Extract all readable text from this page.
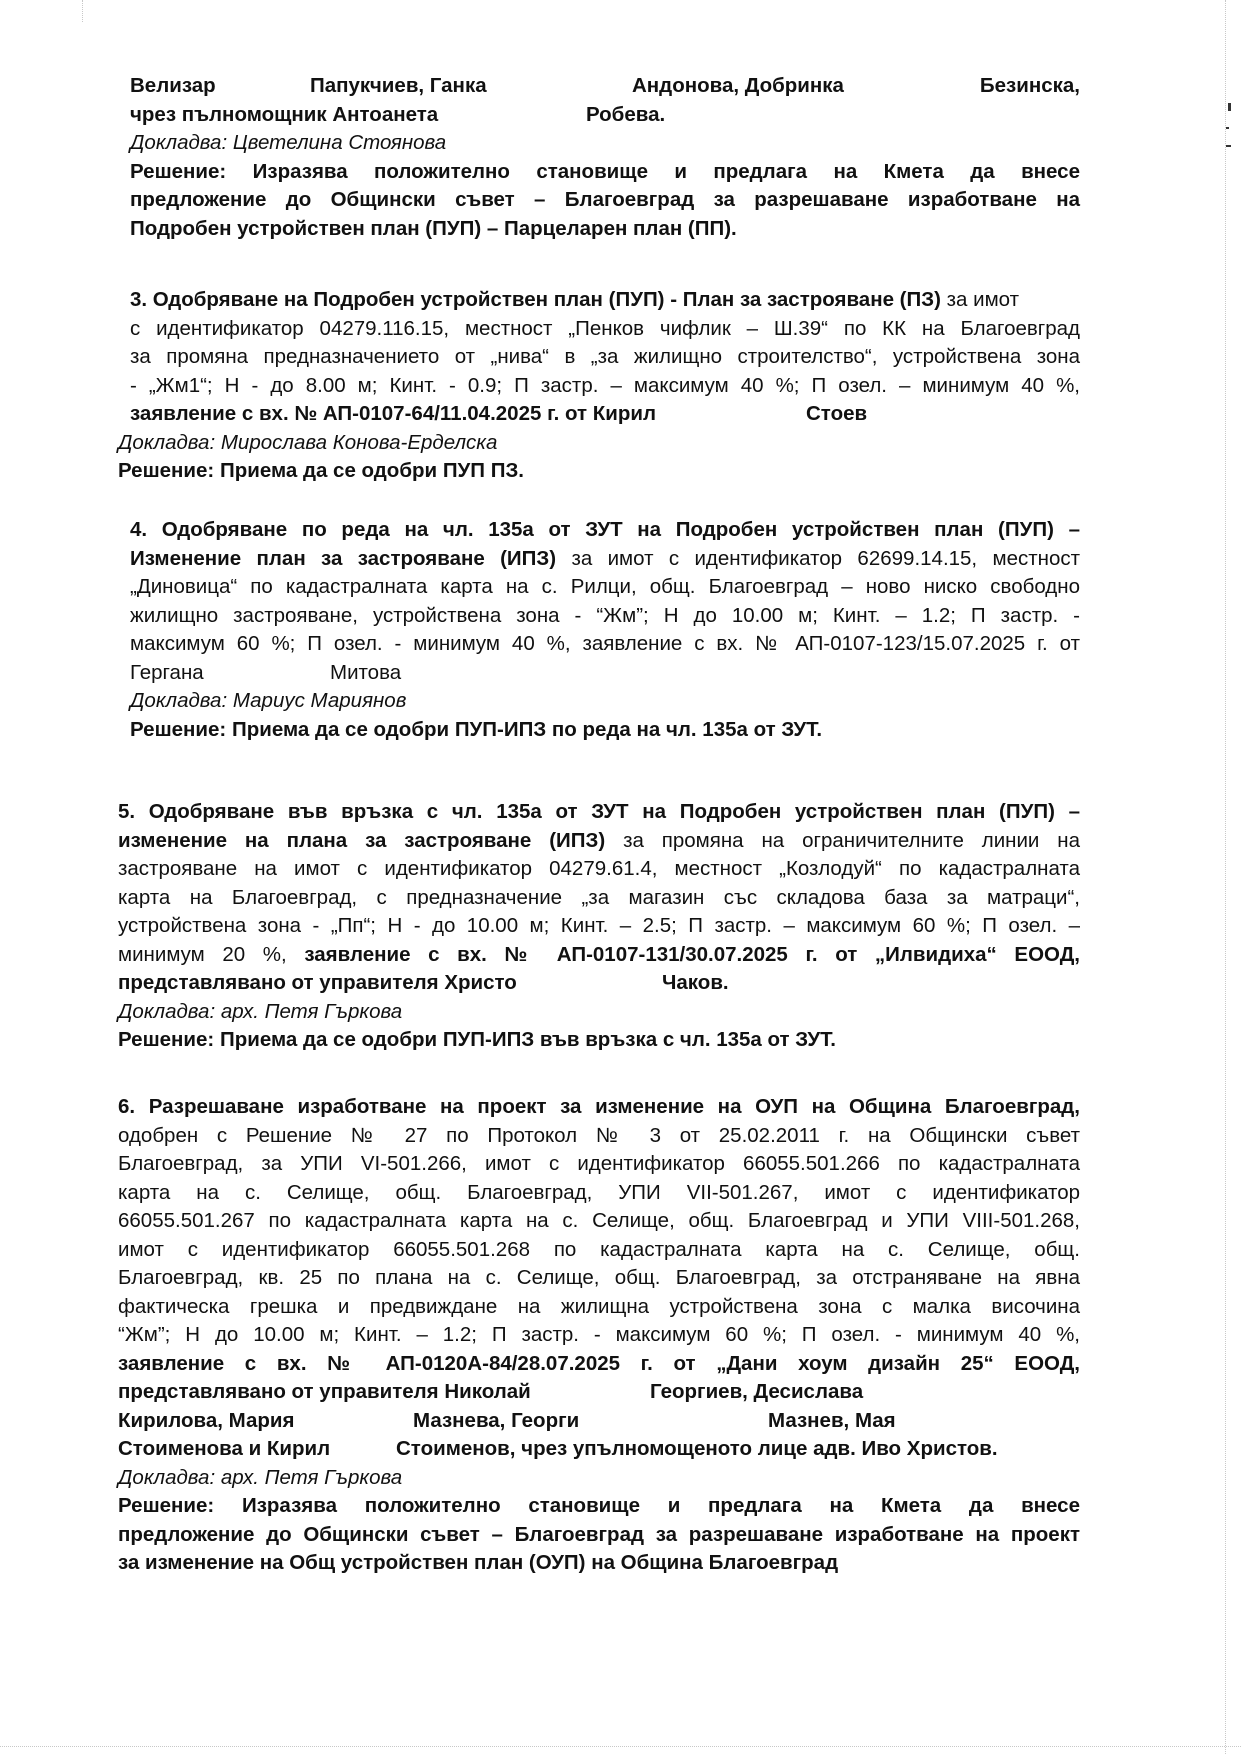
Велизар	Папукчиев, Ганка	Андонова, Добринка	Безинска,
чрез пълномощник Антоанета	Робева.
Докладва: Цветелина Стоянова
Решение: Изразява положително становище и предлага на Кмета да внесе
предложение до Общински съвет – Благоевград за разрешаване изработване на
Подробен устройствен план (ПУП) – Парцеларен план (ПП).
3. Одобряване на Подробен устройствен план (ПУП) - План за застрояване (ПЗ) за имот
с идентификатор 04279.116.15, местност „Пенков чифлик – Ш.39“ по КК на Благоевград
за промяна предназначението от „нива“ в „за жилищно строителство“, устройствена зона
- „Жм1“; Н - до 8.00 м; Кинт. - 0.9; П застр. – максимум 40 %; П озел. – минимум 40 %,
заявление с вх. № АП-0107-64/11.04.2025 г. от Кирил	Стоев
Докладва: Мирослава Конова-Ерделска
Решение: Приема да се одобри ПУП ПЗ.
4. Одобряване по реда на чл. 135а от ЗУТ на Подробен устройствен план (ПУП) –
Изменение план за застрояване (ИПЗ) за имот с идентификатор 62699.14.15, местност
„Диновица“ по кадастралната карта на с. Рилци, общ. Благоевград – ново ниско свободно
жилищно застрояване, устройствена зона - “Жм”; Н до 10.00 м; Кинт. – 1.2; П застр. -
максимум 60 %; П озел. - минимум 40 %, заявление с вх. № АП-0107-123/15.07.2025 г. от
Гергана	Митова
Докладва: Мариус Мариянов
Решение: Приема да се одобри ПУП-ИПЗ по реда на чл. 135а от ЗУТ.
5. Одобряване във връзка с чл. 135а от ЗУТ на Подробен устройствен план (ПУП) –
изменение на плана за застрояване (ИПЗ) за промяна на ограничителните линии на
застрояване на имот с идентификатор 04279.61.4, местност „Козлодуй“ по кадастралната
карта на Благоевград, с предназначение „за магазин със складова база за матраци“,
устройствена зона - „Пп“; Н - до 10.00 м; Кинт. – 2.5; П застр. – максимум 60 %; П озел. –
минимум 20 %, заявление с вх. № АП-0107-131/30.07.2025 г. от „Илвидиха“ ЕООД,
представлявано от управителя Христо	Чаков.
Докладва: арх. Петя Гъркова
Решение: Приема да се одобри ПУП-ИПЗ във връзка с чл. 135а от ЗУТ.
6. Разрешаване изработване на проект за изменение на ОУП на Община Благоевград,
одобрен с Решение № 27 по Протокол № 3 от 25.02.2011 г. на Общински съвет
Благоевград, за УПИ VI-501.266, имот с идентификатор 66055.501.266 по кадастралната
карта на с. Селище, общ. Благоевград, УПИ VII-501.267, имот с идентификатор
66055.501.267 по кадастралната карта на с. Селище, общ. Благоевград и УПИ VIII-501.268,
имот с идентификатор 66055.501.268 по кадастралната карта на с. Селище, общ.
Благоевград, кв. 25 по плана на с. Селище, общ. Благоевград, за отстраняване на явна
фактическа грешка и предвиждане на жилищна устройствена зона с малка височина
“Жм”; Н до 10.00 м; Кинт. – 1.2; П застр. - максимум 60 %; П озел. - минимум 40 %,
заявление с вх. № АП-0120А-84/28.07.2025 г. от „Дани хоум дизайн 25“ ЕООД,
представлявано от управителя Николай	Георгиев, Десислава
Кирилова, Мария	Мазнева, Георги	Мазнев, Мая
Стоименова и Кирил	Стоименов, чрез упълномощеното лице адв. Иво Христов.
Докладва: арх. Петя Гъркова
Решение: Изразява положително становище и предлага на Кмета да внесе
предложение до Общински съвет – Благоевград за разрешаване изработване на проект
за изменение на Общ устройствен план (ОУП) на Община Благоевград
